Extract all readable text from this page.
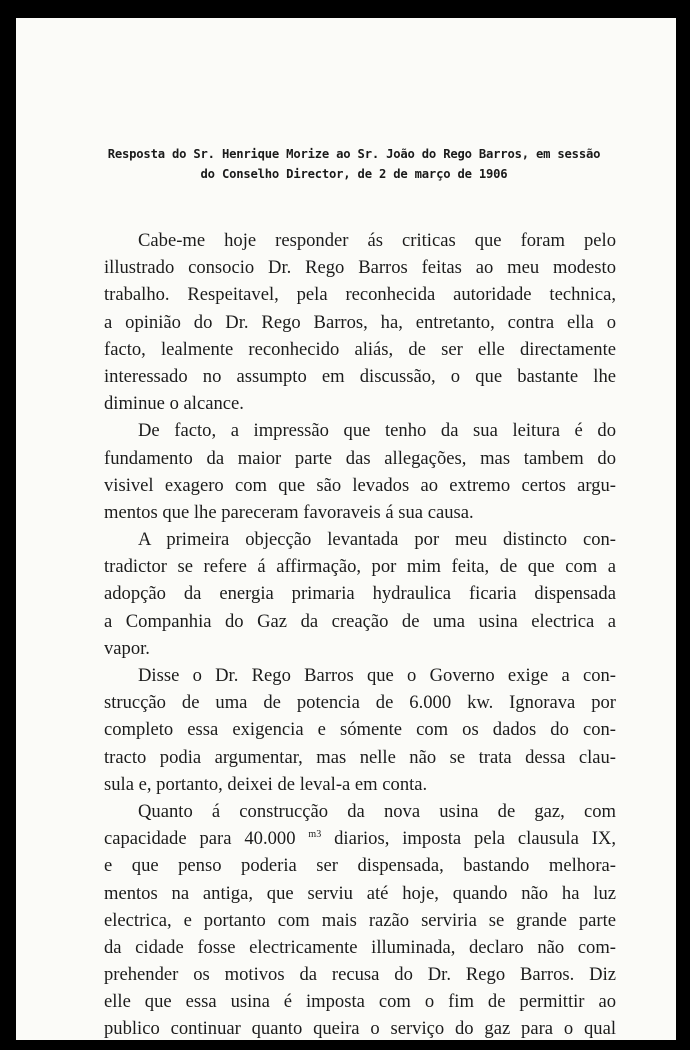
Resposta do Sr. Henrique Morize ao Sr. João do Rego Barros, em sessão
do Conselho Director, de 2 de março de 1906
Cabe-me hoje responder ás criticas que foram pelo
illustrado consocio Dr. Rego Barros feitas ao meu modesto
trabalho. Respeitavel, pela reconhecida autoridade technica,
a opinião do Dr. Rego Barros, ha, entretanto, contra ella o
facto, lealmente reconhecido aliás, de ser elle directamente
interessado no assumpto em discussão, o que bastante lhe
diminue o alcance.
De facto, a impressão que tenho da sua leitura é do
fundamento da maior parte das allegações, mas tambem do
visivel exagero com que são levados ao extremo certos argu-
mentos que lhe pareceram favoraveis á sua causa.
A primeira objecção levantada por meu distincto con-
tradictor se refere á affirmação, por mim feita, de que com a
adopção da energia primaria hydraulica ficaria dispensada
a Companhia do Gaz da creação de uma usina electrica a
vapor.
Disse o Dr. Rego Barros que o Governo exige a con-
strucção de uma de potencia de 6.000 kw. Ignorava por
completo essa exigencia e sómente com os dados do con-
tracto podia argumentar, mas nelle não se trata dessa clau-
sula e, portanto, deixei de leval-a em conta.
Quanto á construcção da nova usina de gaz, com
capacidade para 40.000 $^{m3}$ diarios, imposta pela clausula IX,
e que penso poderia ser dispensada, bastando melhora-
mentos na antiga, que serviu até hoje, quando não ha luz
electrica, e portanto com mais razão serviria se grande parte
da cidade fosse electricamente illuminada, declaro não com-
prehender os motivos da recusa do Dr. Rego Barros. Diz
elle que essa usina é imposta com o fim de permittir ao
publico continuar quanto queira o serviço do gaz para o qual
